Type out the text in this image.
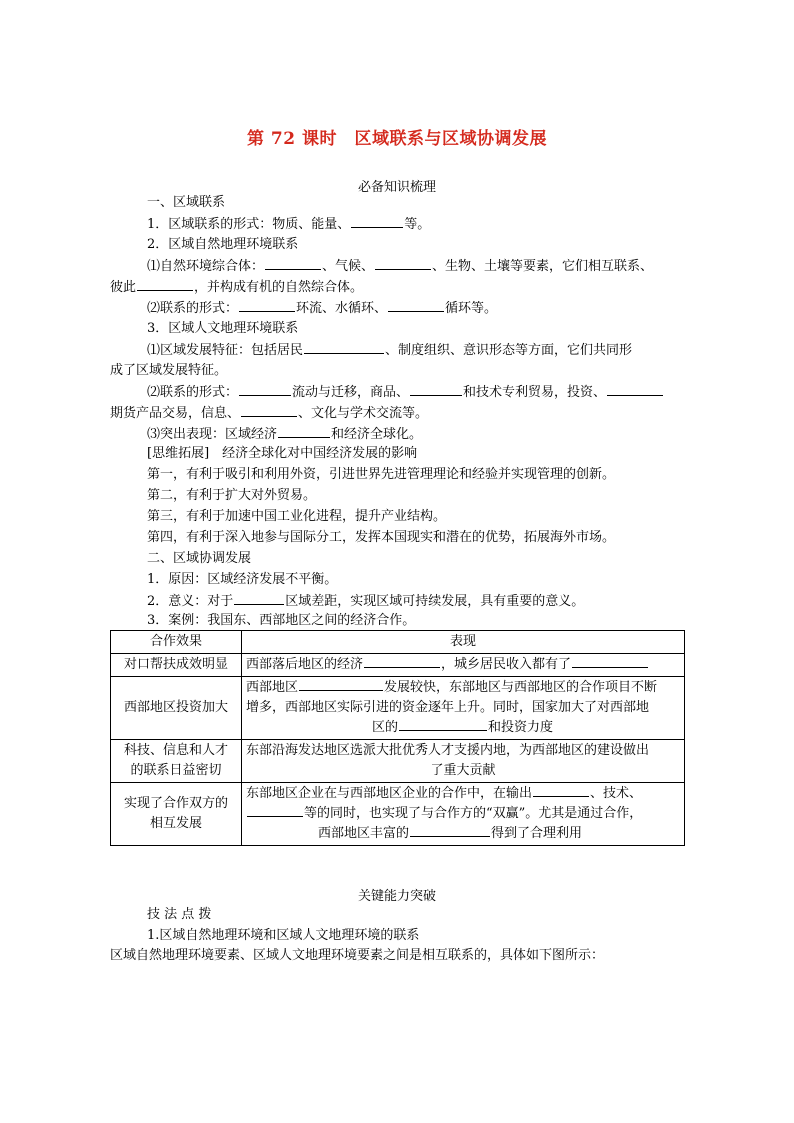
第 72 课时　区域联系与区域协调发展
必备知识梳理
一、区域联系
1．区域联系的形式：物质、能量、	等。
2．区域自然地理环境联系
⑴自然环境综合体：	、气候、	、生物、土壤等要素，它们相互联系、
彼此	，并构成有机的自然综合体。
⑵联系的形式：	环流、水循环、	循环等。
3．区域人文地理环境联系
⑴区域发展特征：包括居民	、制度组织、意识形态等方面，它们共同形
成了区域发展特征。
⑵联系的形式：	流动与迁移，商品、	和技术专利贸易，投资、
期货产品交易，信息、	、文化与学术交流等。
⑶突出表现：区域经济	和经济全球化。
[思维拓展]　经济全球化对中国经济发展的影响
第一，有利于吸引和利用外资，引进世界先进管理理论和经验并实现管理的创新。
第二，有利于扩大对外贸易。
第三，有利于加速中国工业化进程，提升产业结构。
第四，有利于深入地参与国际分工，发挥本国现实和潜在的优势，拓展海外市场。
二、区域协调发展
1．原因：区域经济发展不平衡。
2．意义：对于	区域差距，实现区域可持续发展，具有重要的意义。
3．案例：我国东、西部地区之间的经济合作。
合作效果	表现
对口帮扶成效明显	西部落后地区的经济 ，城乡居民收入都有了
西部地区投资加大	西部地区 发展较快，东部地区与西部地区的合作项目不断
增多，西部地区实际引进的资金逐年上升。同时，国家加大了对西部地
区的 和投资力度
科技、信息和人才
的联系日益密切	东部沿海发达地区选派大批优秀人才支援内地，为西部地区的建设做出

了重大贡献

实现了合作双方的
相互发展	东部地区企业在与西部地区企业的合作中，在输出 、技术、
等的同时，也实现了与合作方的“双赢”。尤其是通过合作，
西部地区丰富的 得到了合理利用
关键能力突破
技 法 点 拨
1.区域自然地理环境和区域人文地理环境的联系
区域自然地理环境要素、区域人文地理环境要素之间是相互联系的，具体如下图所示：
